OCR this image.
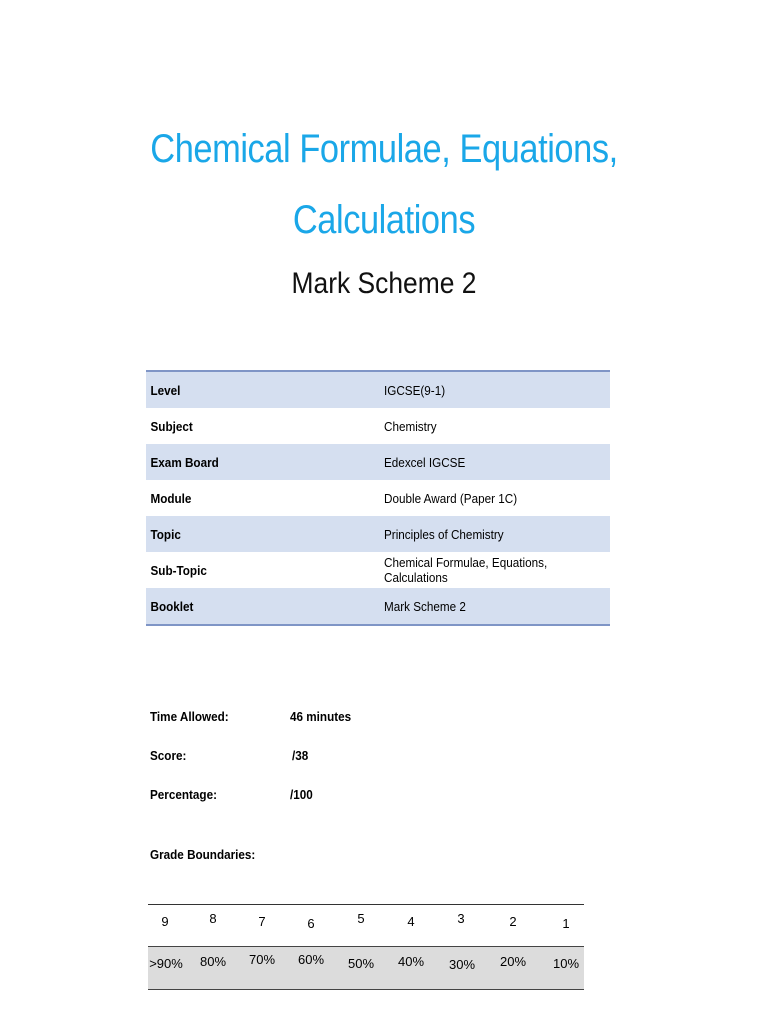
Chemical Formulae, Equations,
Calculations
Mark Scheme 2
Level	IGCSE(9-1)
Subject	Chemistry
Exam Board	Edexcel IGCSE
Module	Double Award (Paper 1C)
Topic	Principles of Chemistry
Sub-Topic	Chemical Formulae, Equations, Calculations
Booklet	Mark Scheme 2
Time Allowed:	46 minutes
Score:	/38
Percentage:	/100
Grade Boundaries:
9	8	7	6	5	4	3	2	1
>90%	80%	70%	60%	50%	40%	30%	20%	10%
